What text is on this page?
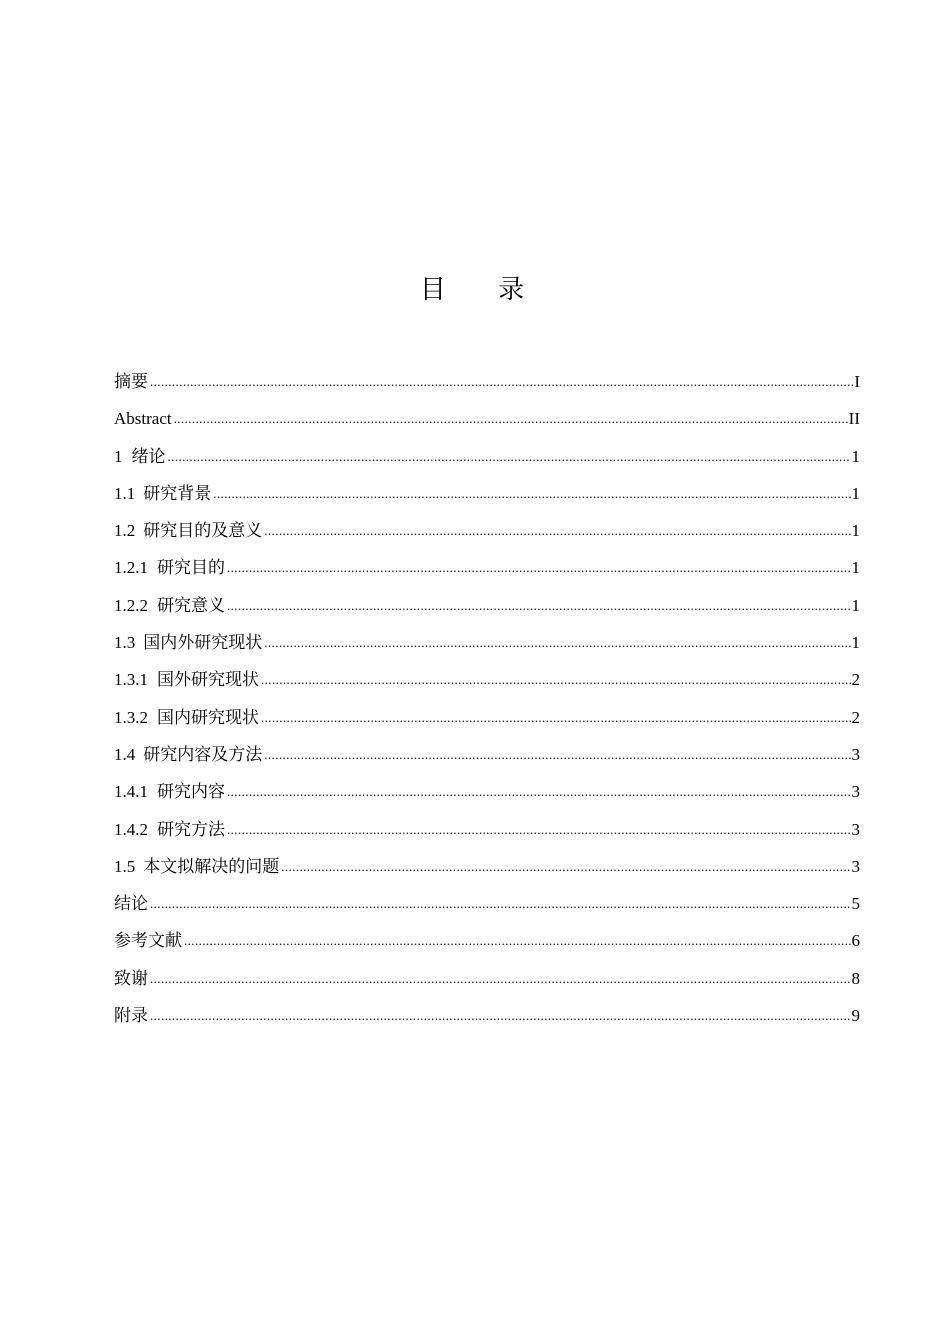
目 录
摘要 .....	I
Abstract .....	II
1 绪论 .....	1
1.1 研究背景 .....	1
1.2 研究目的及意义 .....	1
1.2.1 研究目的 .....	1
1.2.2 研究意义 .....	1
1.3 国内外研究现状 .....	1
1.3.1 国外研究现状 .....	2
1.3.2 国内研究现状 .....	2
1.4 研究内容及方法 .....	3
1.4.1 研究内容 .....	3
1.4.2 研究方法 .....	3
1.5 本文拟解决的问题 .....	3
结论 .....	5
参考文献 .....	6
致谢 .....	8
附录 .....	9
